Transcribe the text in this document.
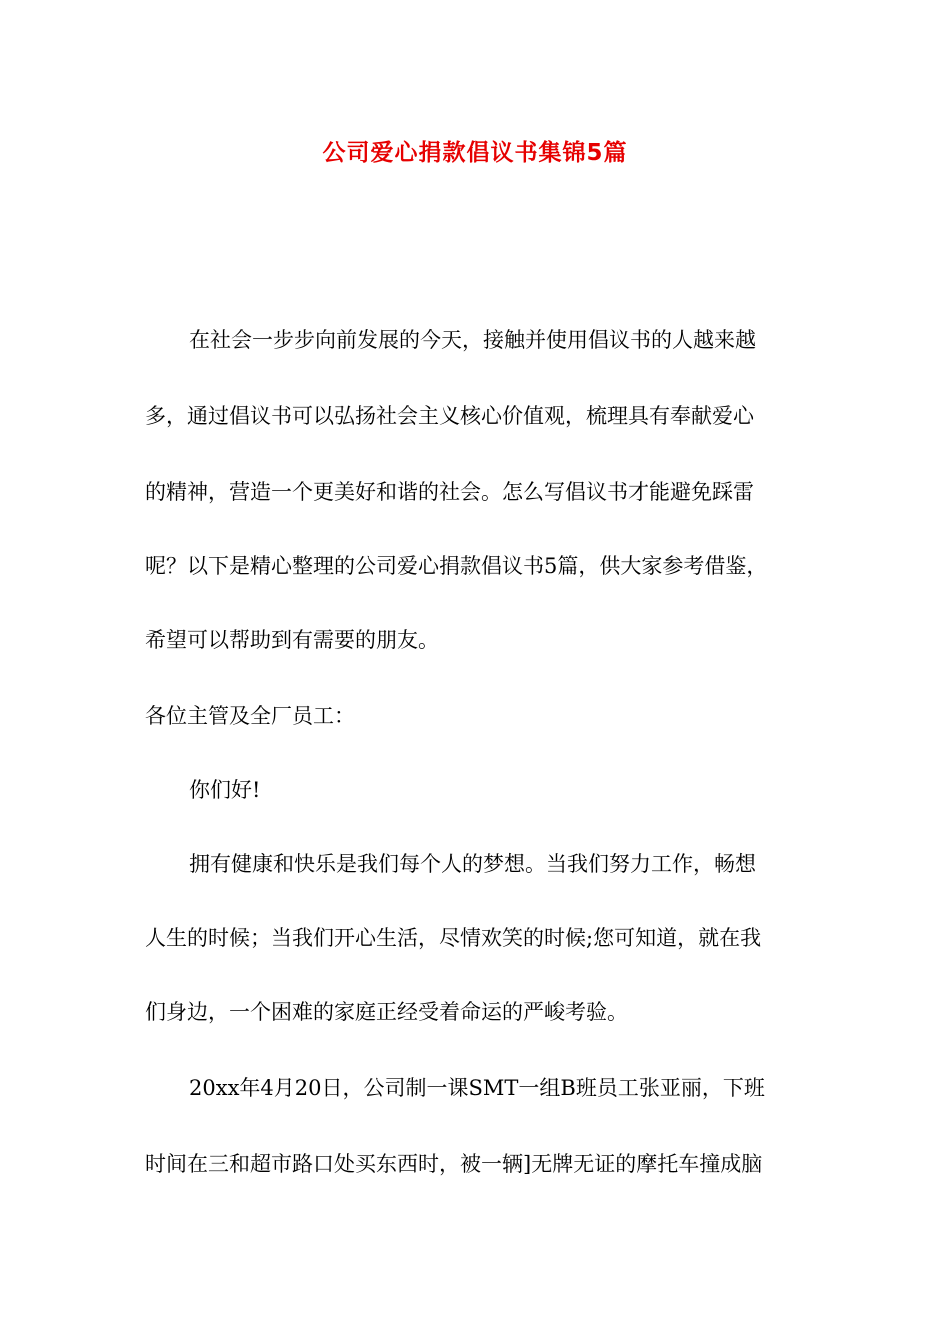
公司爱心捐款倡议书集锦5篇
在社会一步步向前发展的今天，接触并使用倡议书的人越来越
多，通过倡议书可以弘扬社会主义核心价值观，梳理具有奉献爱心
的精神，营造一个更美好和谐的社会。怎么写倡议书才能避免踩雷
呢？以下是精心整理的公司爱心捐款倡议书5篇，供大家参考借鉴，
希望可以帮助到有需要的朋友。
各位主管及全厂员工：
你们好!
拥有健康和快乐是我们每个人的梦想。当我们努力工作，畅想
人生的时候；当我们开心生活，尽情欢笑的时候;您可知道，就在我
们身边，一个困难的家庭正经受着命运的严峻考验。
20xx年4月20日，公司制一课SMT一组B班员工张亚丽，下班
时间在三和超市路口处买东西时，被一辆]无牌无证的摩托车撞成脑
